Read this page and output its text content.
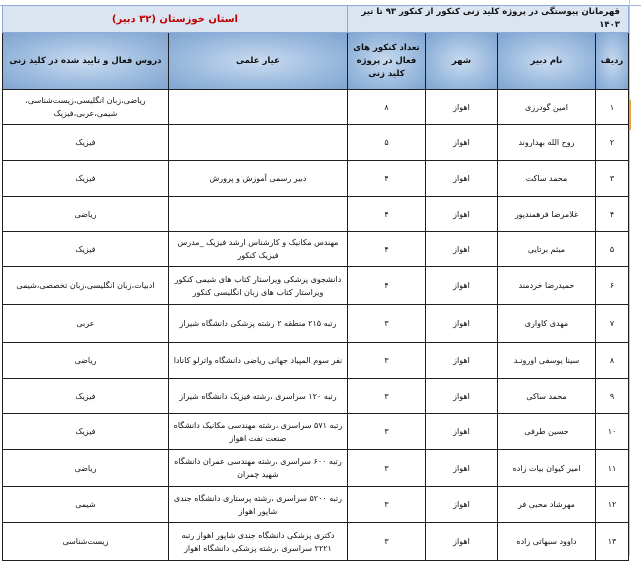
قهرمانان پیوستگی در پروژه کلید زنی کنکور از کنکور ۹۳ تا تیر ۱۴۰۳				استان خوزستان (۳۲ دبیر)	
ردیف	نام دبیر	شهر	تعداد کنکور های فعال در پروژه کلید زنی	عیار علمی	دروس فعال و تایید شده در کلید زنی
۱	امین گودرزی	اهواز	۸		ریاضی،زبان انگلیسی،زیست‌شناسی، شیمی،عربی،فیزیک
۲	روح الله بهداروند	اهواز	۵		فیزیک
۳	محمد ساکت	اهواز	۴	دبیر رسمی آموزش و پرورش	فیزیک
۴	غلامرضا فرهمندپور	اهواز	۴		ریاضی
۵	میثم برتایی	اهواز	۴	مهندس مکانیک و کارشناس ارشد فیزیک _مدرس فیزیک کنکور	فیزیک
۶	حمیدرضا خردمند	اهواز	۴	دانشجوی پزشکی ویراستار کتاب های شیمی کنکور ویراستار کتاب های زبان انگلیسی کنکور	ادبیات،زبان انگلیسی،زبان تخصصی،شیمی
۷	مهدی کاواری	اهواز	۳	رتبه ۲۱۵ منطقه ۲ رشته پزشکی دانشگاه شیراز	عربی
۸	سینا یوسفی اورونـد	اهواز	۳	نفر سوم المپیاد جهانی ریاضی دانشگاه واترلو کانادا	ریاضی
۹	محمد ساکی	اهواز	۳	رتبه ۱۲۰ سراسری ،رشته فیزیک دانشگاه شیراز	فیزیک
۱۰	حسین طرفی	اهواز	۳	رتبه ۵۷۱ سراسری ،رشته مهندسی مکانیک دانشگاه صنعت نفت اهواز	فیزیک
۱۱	امیر کیوان بیات زاده	اهواز	۳	رتبه ۶۰۰ سراسری ،رشته مهندسی عمران دانشگاه شهید چمران	ریاضی
۱۲	مهرشاد محبی فر	اهواز	۳	رتبه ۵۲۰۰ سراسری ،رشته پرستاری دانشگاه جندی شاپور اهواز	شیمی
۱۳	داوود سبهاتی زاده	اهواز	۳	دکتری پزشکی دانشگاه جندی شاپور اهواز رتبه ۲۲۲۱ سراسری ،رشته پزشکی دانشگاه اهواز	زیست‌شناسی
